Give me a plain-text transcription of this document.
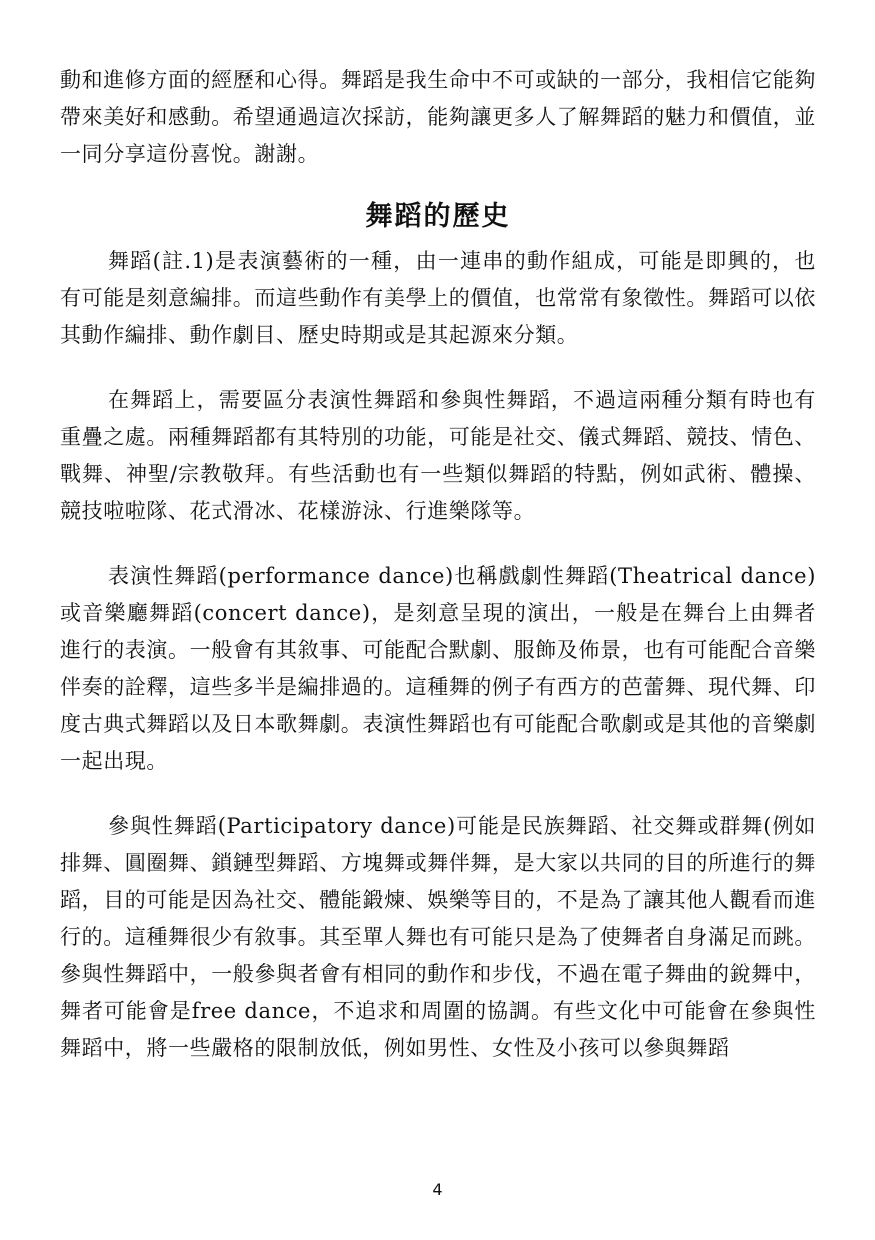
動和進修方面的經歷和心得。舞蹈是我生命中不可或缺的一部分，我相信它能夠帶來美好和感動。希望通過這次採訪，能夠讓更多人了解舞蹈的魅力和價值，並一同分享這份喜悅。謝謝。

舞蹈的歷史

舞蹈(註.1)是表演藝術的一種，由一連串的動作組成，可能是即興的，也有可能是刻意編排。而這些動作有美學上的價值，也常常有象徵性。舞蹈可以依其動作編排、動作劇目、歷史時期或是其起源來分類。

在舞蹈上，需要區分表演性舞蹈和參與性舞蹈，不過這兩種分類有時也有重疊之處。兩種舞蹈都有其特別的功能，可能是社交、儀式舞蹈、競技、情色、戰舞、神聖/宗教敬拜。有些活動也有一些類似舞蹈的特點，例如武術、體操、競技啦啦隊、花式滑冰、花樣游泳、行進樂隊等。

表演性舞蹈(performance dance)也稱戲劇性舞蹈(Theatrical dance)或音樂廳舞蹈(concert dance)，是刻意呈現的演出，一般是在舞台上由舞者進行的表演。一般會有其敘事、可能配合默劇、服飾及佈景，也有可能配合音樂伴奏的詮釋，這些多半是編排過的。這種舞的例子有西方的芭蕾舞、現代舞、印度古典式舞蹈以及日本歌舞劇。表演性舞蹈也有可能配合歌劇或是其他的音樂劇一起出現。

參與性舞蹈(Participatory dance)可能是民族舞蹈、社交舞或群舞(例如排舞、圓圈舞、鎖鏈型舞蹈、方塊舞或舞伴舞，是大家以共同的目的所進行的舞蹈，目的可能是因為社交、體能鍛煉、娛樂等目的，不是為了讓其他人觀看而進行的。這種舞很少有敘事。其至單人舞也有可能只是為了使舞者自身滿足而跳。參與性舞蹈中，一般參與者會有相同的動作和步伐，不過在電子舞曲的銳舞中，舞者可能會是free dance，不追求和周圍的協調。有些文化中可能會在參與性舞蹈中，將一些嚴格的限制放低，例如男性、女性及小孩可以參與舞蹈

4
